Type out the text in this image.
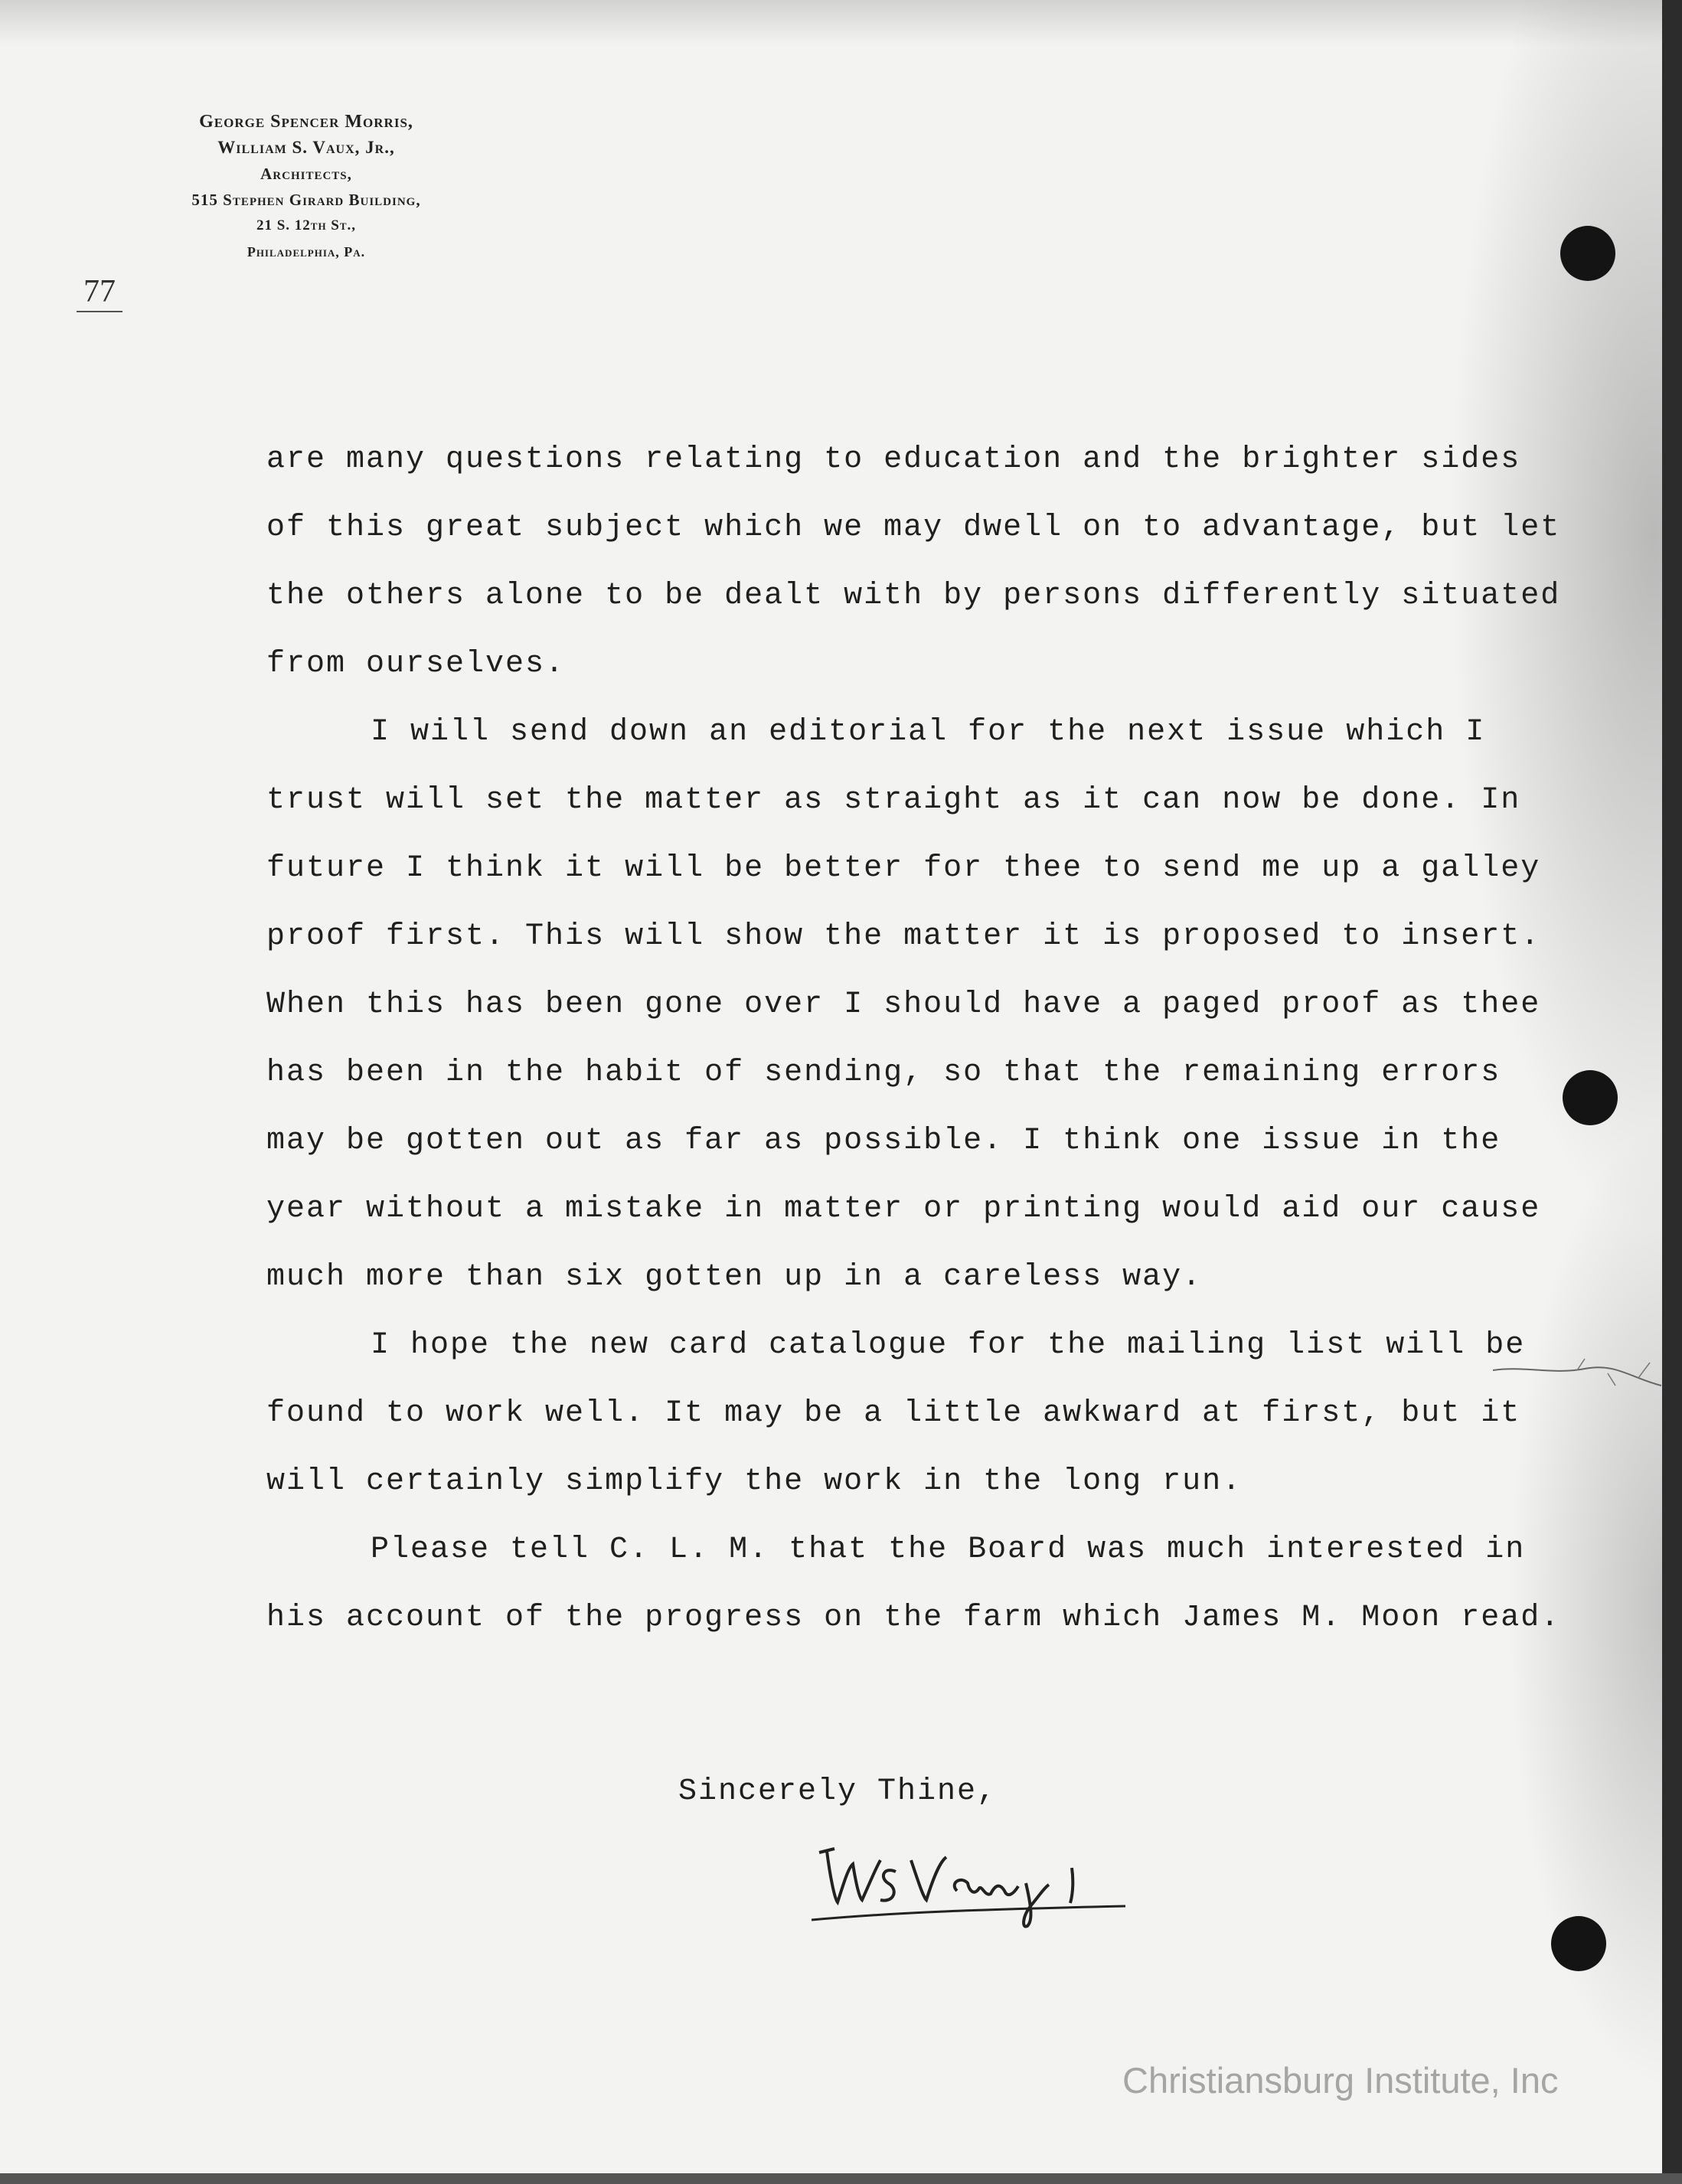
George Spencer Morris,
William S. Vaux, Jr.,
Architects,
515 Stephen Girard Building,
21 S. 12th St.,
Philadelphia, Pa.
77

are many questions relating to education and the brighter sides of this great subject which we may dwell on to advantage, but let the others alone to be dealt with by persons differently situated from ourselves.

I will send down an editorial for the next issue which I trust will set the matter as straight as it can now be done. In future I think it will be better for thee to send me up a galley proof first. This will show the matter it is proposed to insert. When this has been gone over I should have a paged proof as thee has been in the habit of sending, so that the remaining errors may be gotten out as far as possible. I think one issue in the year without a mistake in matter or printing would aid our cause much more than six gotten up in a careless way.

I hope the new card catalogue for the mailing list will be found to work well. It may be a little awkward at first, but it will certainly simplify the work in the long run.

Please tell C. L. M. that the Board was much interested in his account of the progress on the farm which James M. Moon read.

Sincerely Thine,
Christiansburg Institute, Inc
